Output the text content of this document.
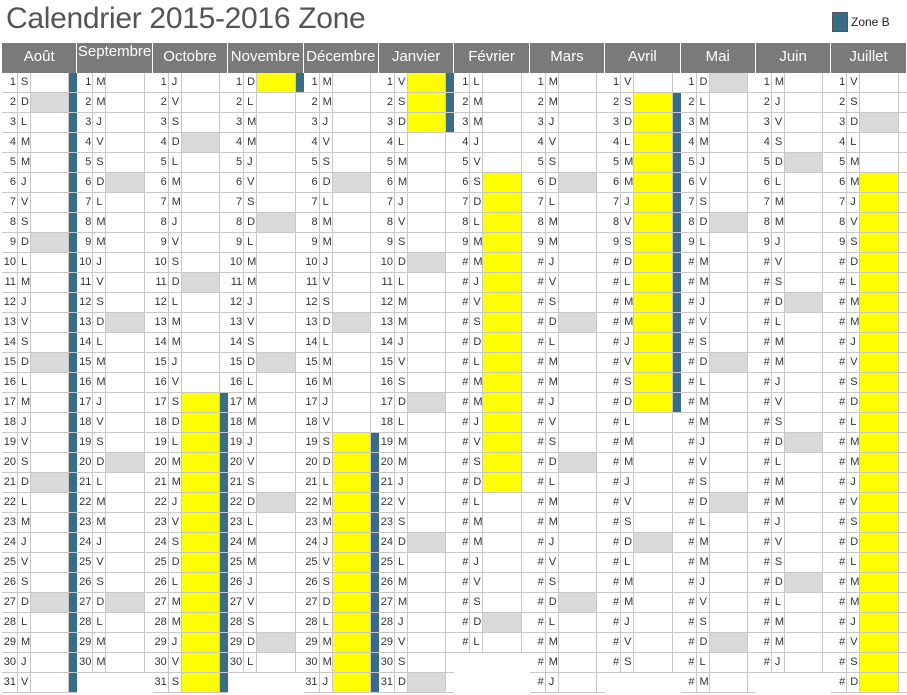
Calendrier 2015-2016 Zone	Zone B
Août
1 S
2 D
3 L
4 M
5 M
6 J
7 V
8 S
9 D
10 L
11 M
12 J
13 V
14 S
15 D
16 L
17 M
18 J
19 V
20 S
21 D
22 L
23 M
24 J
25 V
26 S
27 D
28 L
29 M
30 J
31 V
Septembre
1 M
2 M
3 J
4 V
5 S
6 D
7 L
8 M
9 M
10 J
11 V
12 S
13 D
14 L
15 M
16 M
17 J
18 V
19 S
20 D
21 L
22 M
23 M
24 J
25 V
26 S
27 D
28 L
29 M
30 M
Octobre
1 J
2 V
3 S
4 D
5 L
6 M
7 M
8 J
9 V
10 S
11 D
12 L
13 M
14 M
15 J
16 V
17 S
18 D
19 L
20 M
21 M
22 J
23 V
24 S
25 D
26 L
27 M
28 M
29 J
30 V
31 S
Novembre
1 D
2 L
3 M
4 M
5 J
6 V
7 S
8 D
9 L
10 M
11 M
12 J
13 V
14 S
15 D
16 L
17 M
18 M
19 J
20 V
21 S
22 D
23 L
24 M
25 M
26 J
27 V
28 S
29 D
30 L
Décembre
1 M
2 M
3 J
4 V
5 S
6 D
7 L
8 M
9 M
10 J
11 V
12 S
13 D
14 L
15 M
16 M
17 J
18 V
19 S
20 D
21 L
22 M
23 M
24 J
25 V
26 S
27 D
28 L
29 M
30 M
31 J
Janvier
1 V
2 S
3 D
4 L
5 M
6 M
7 J
8 V
9 S
10 D
11 L
12 M
13 M
14 J
15 V
16 S
17 D
18 L
19 M
20 M
21 J
22 V
23 S
24 D
25 L
26 M
27 M
28 J
29 V
30 S
31 D
Février
1 L
2 M
3 M
4 J
5 V
6 S
7 D
8 L
9 M
# M
# J
# V
# S
# D
# L
# M
# M
# J
# V
# S
# D
# L
# M
# M
# J
# V
# S
# D
# L
Mars
1 M
2 M
3 J
4 V
5 S
6 D
7 L
8 M
9 M
# J
# V
# S
# D
# L
# M
# M
# J
# V
# S
# D
# L
# M
# M
# J
# V
# S
# D
# L
# M
# M
# J
Avril
1 V
2 S
3 D
4 L
5 M
6 M
7 J
8 V
9 S
# D
# L
# M
# M
# J
# V
# S
# D
# L
# M
# M
# J
# V
# S
# D
# L
# M
# M
# J
# V
# S
Mai
1 D
2 L
3 M
4 M
5 J
6 V
7 S
8 D
9 L
# M
# M
# J
# V
# S
# D
# L
# M
# M
# J
# V
# S
# D
# L
# M
# M
# J
# V
# S
# D
# L
# M
Juin
1 M
2 J
3 V
4 S
5 D
6 L
7 M
8 M
9 J
# V
# S
# D
# L
# M
# M
# J
# V
# S
# D
# L
# M
# M
# J
# V
# S
# D
# L
# M
# M
# J
Juillet
1 V
2 S
3 D
4 L
5 M
6 M
7 J
8 V
9 S
# D
# L
# M
# M
# J
# V
# S
# D
# L
# M
# M
# J
# V
# S
# D
# L
# M
# M
# J
# V
# S
# D
